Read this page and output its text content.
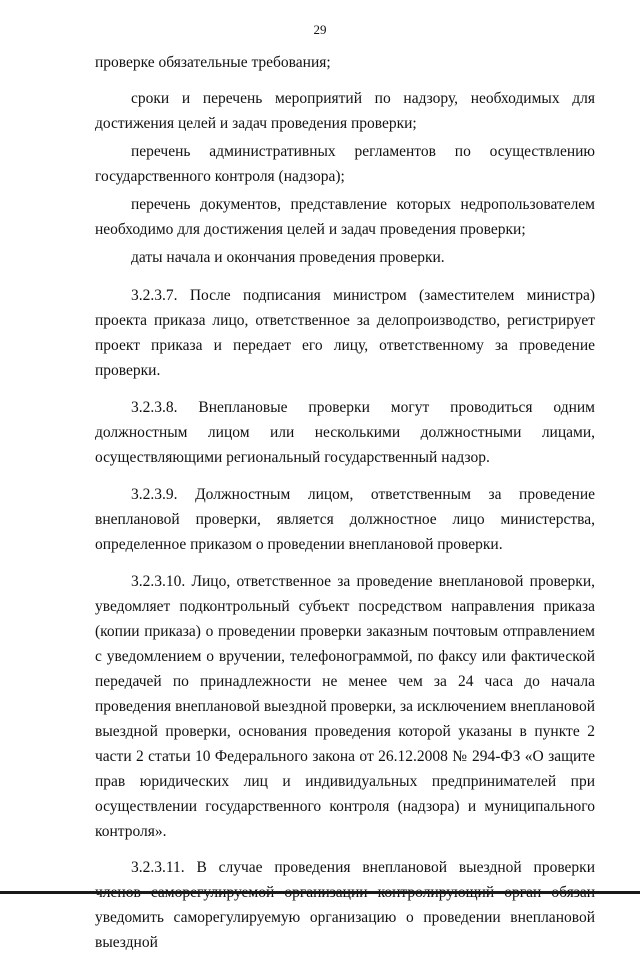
29

проверке обязательные требования;

сроки и перечень мероприятий по надзору, необходимых для достижения целей и задач проведения проверки;

перечень административных регламентов по осуществлению государственного контроля (надзора);

перечень документов, представление которых недропользователем необходимо для достижения целей и задач проведения проверки;

даты начала и окончания проведения проверки.

3.2.3.7. После подписания министром (заместителем министра) проекта приказа лицо, ответственное за делопроизводство, регистрирует проект приказа и передает его лицу, ответственному за проведение проверки.

3.2.3.8. Внеплановые проверки могут проводиться одним должностным лицом или несколькими должностными лицами, осуществляющими региональный государственный надзор.

3.2.3.9. Должностным лицом, ответственным за проведение внеплановой проверки, является должностное лицо министерства, определенное приказом о проведении внеплановой проверки.

3.2.3.10. Лицо, ответственное за проведение внеплановой проверки, уведомляет подконтрольный субъект посредством направления приказа (копии приказа) о проведении проверки заказным почтовым отправлением с уведомлением о вручении, телефонограммой, по факсу или фактической передачей по принадлежности не менее чем за 24 часа до начала проведения внеплановой выездной проверки, за исключением внеплановой выездной проверки, основания проведения которой указаны в пункте 2 части 2 статьи 10 Федерального закона от 26.12.2008 № 294-ФЗ «О защите прав юридических лиц и индивидуальных предпринимателей при осуществлении государственного контроля (надзора) и муниципального контроля».

3.2.3.11. В случае проведения внеплановой выездной проверки уведомить саморегулируемую организацию о проведении внеплановой выездной
